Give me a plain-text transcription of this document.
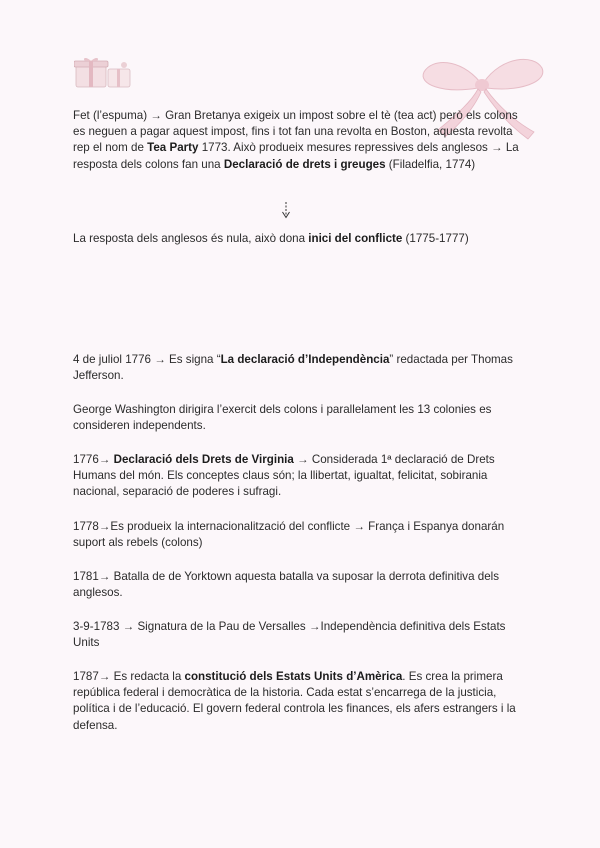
Fet (l’espuma) → Gran Bretanya exigeix un impost sobre el tè (tea act) però els colons es neguen a pagar aquest impost, fins i tot fan una revolta en Boston, aquesta revolta rep el nom de Tea Party 1773. Això produeix mesures repressives dels anglesos → La resposta dels colons fan una Declaració de drets i greuges (Filadelfia, 1774)

La resposta dels anglesos és nula, això dona inici del conflicte (1775-1777)

4 de juliol 1776 → Es signa “La declaració d’Independència” redactada per Thomas Jefferson.

George Washington dirigira l’exercit dels colons i parallelament les 13 colonies es consideren independents.

1776→ Declaració dels Drets de Virginia → Considerada 1ª declaració de Drets Humans del món. Els conceptes claus són; la llibertat, igualtat, felicitat, sobirania nacional, separació de poderes i sufragi.

1778→Es produeix la internacionalització del conflicte → França i Espanya donarán suport als rebels (colons)

1781→ Batalla de de Yorktown aquesta batalla va suposar la derrota definitiva dels anglesos.

3-9-1783 → Signatura de la Pau de Versalles →Independència definitiva dels Estats Units

1787→ Es redacta la constitució dels Estats Units d’Amèrica. Es crea la primera república federal i democràtica de la historia. Cada estat s’encarrega de la justicia, política i de l’educació. El govern federal controla les finances, els afers estrangers i la defensa.
